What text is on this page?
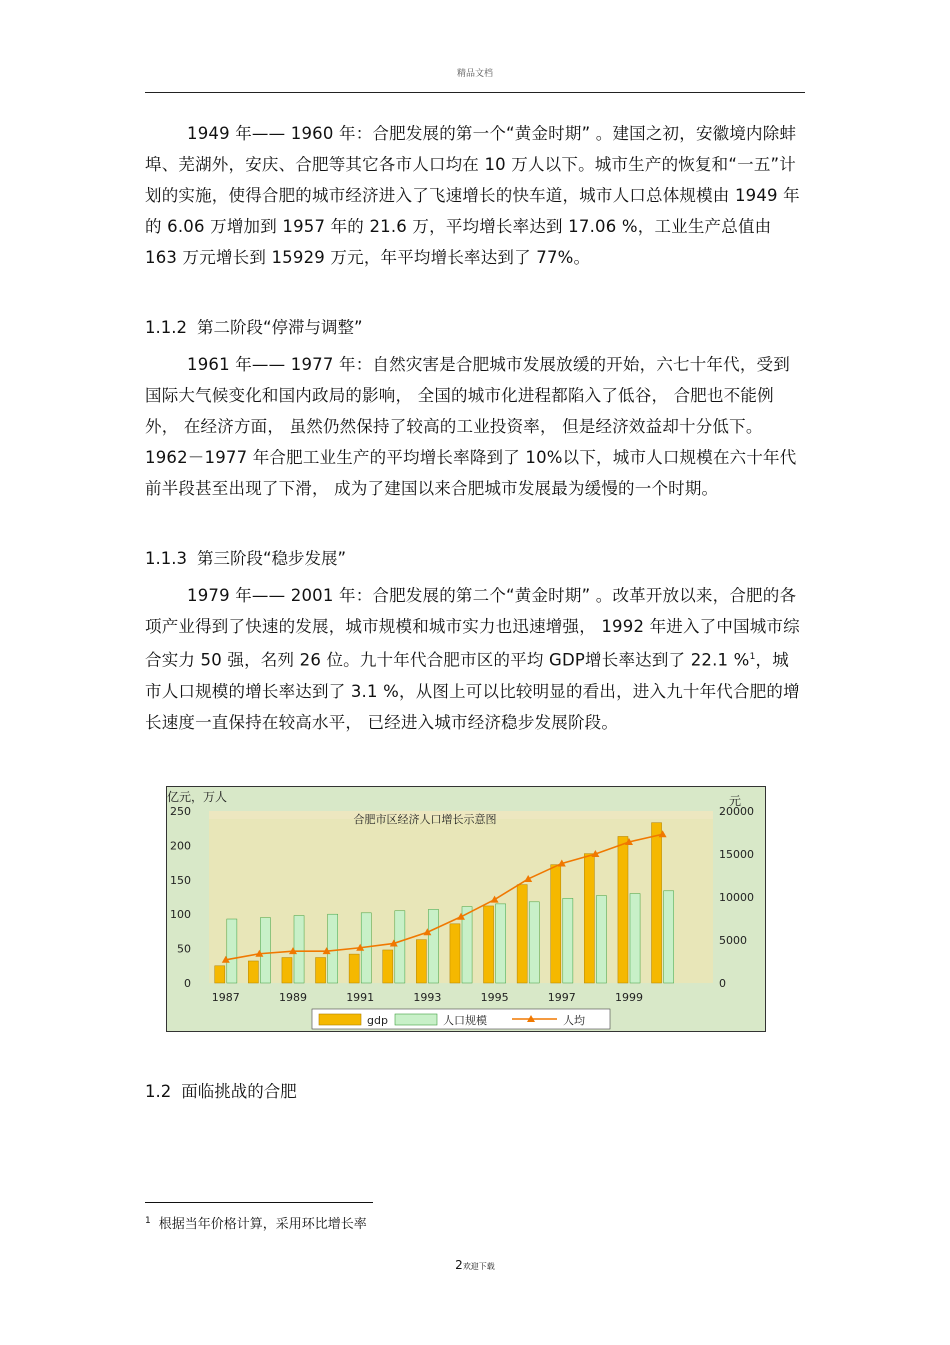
精品文档

1949 年—— 1960 年：合肥发展的第一个“黄金时期” 。建国之初，安徽境内除蚌埠、芜湖外，安庆、合肥等其它各市人口均在 10 万人以下。城市生产的恢复和“一五”计划的实施，使得合肥的城市经济进入了飞速增长的快车道，城市人口总体规模由 1949 年的 6.06 万增加到 1957 年的 21.6 万，平均增长率达到 17.06 %，工业生产总值由 163 万元增长到 15929 万元，年平均增长率达到了 77%。

1.1.2 第二阶段“停滞与调整”

1961 年—— 1977 年：自然灾害是合肥城市发展放缓的开始，六七十年代，受到国际大气候变化和国内政局的影响， 全国的城市化进程都陷入了低谷， 合肥也不能例外， 在经济方面， 虽然仍然保持了较高的工业投资率， 但是经济效益却十分低下。 1962－1977 年合肥工业生产的平均增长率降到了 10%以下，城市人口规模在六十年代前半段甚至出现了下滑， 成为了建国以来合肥城市发展最为缓慢的一个时期。

1.1.3 第三阶段“稳步发展”

1979 年—— 2001 年：合肥发展的第二个“黄金时期” 。改革开放以来，合肥的各项产业得到了快速的发展，城市规模和城市实力也迅速增强， 1992 年进入了中国城市综合实力 50 强，名列 26 位。九十年代合肥市区的平均 GDP增长率达到了 22.1 %$^1$，城市人口规模的增长率达到了 3.1 %，从图上可以比较明显的看出，进入九十年代合肥的增长速度一直保持在较高水平， 已经进入城市经济稳步发展阶段。

亿元，万人	元
合肥市区经济人口增长示意图
0
50
100
150
200
250
0
5000
10000
15000
20000
1987	1989	1991	1993	1995	1997	1999
gdp	人口规模	人均
1.2 面临挑战的合肥
$^1$ 根据当年价格计算，采用环比增长率
2欢迎下载
